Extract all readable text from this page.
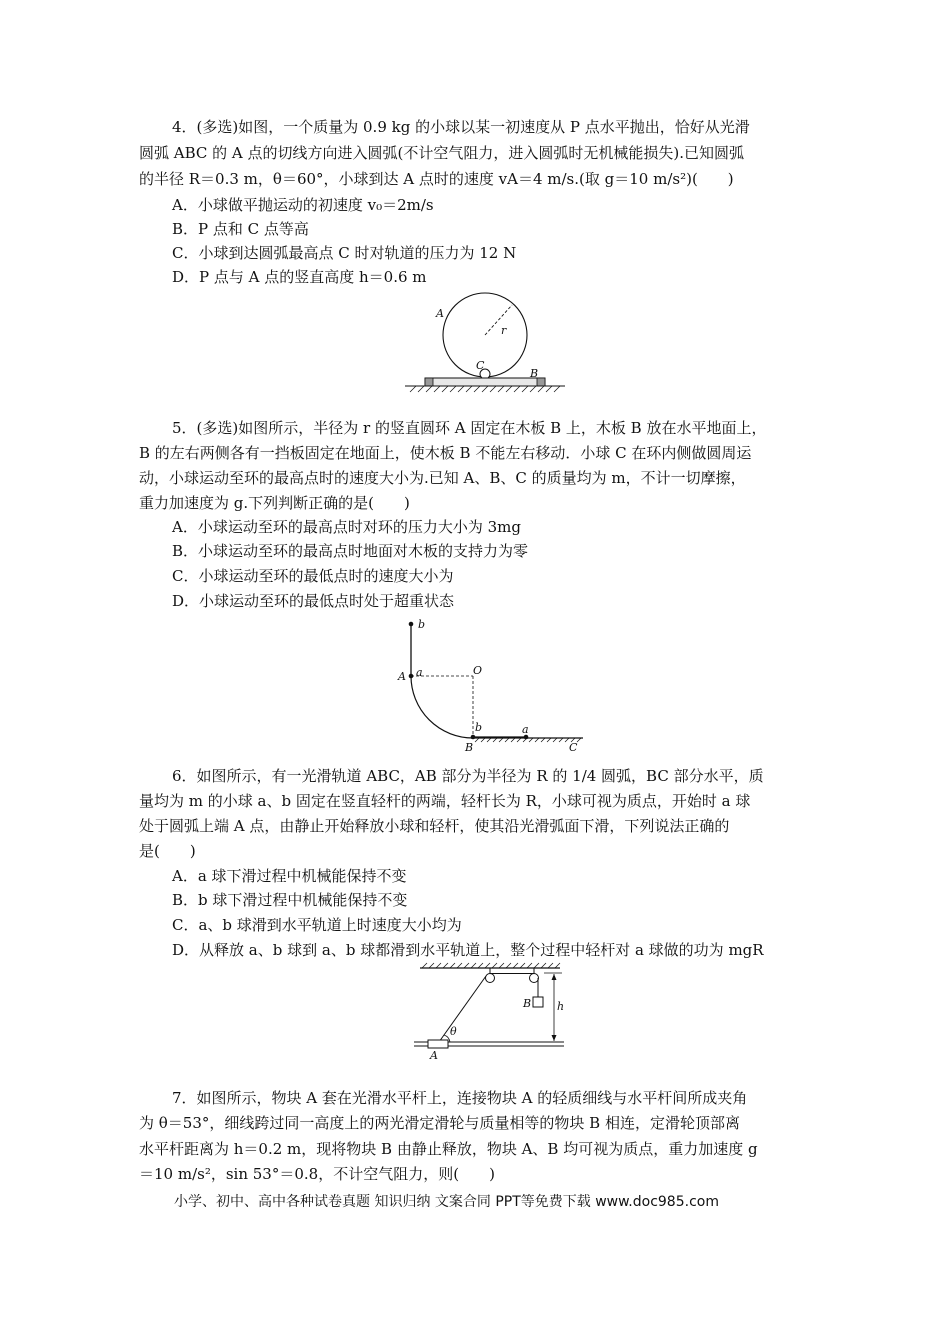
4．(多选)如图，一个质量为 0.9 kg 的小球以某一初速度从 P 点水平抛出，恰好从光滑
圆弧 ABC 的 A 点的切线方向进入圆弧(不计空气阻力，进入圆弧时无机械能损失).已知圆弧
的半径 R＝0.3 m，θ＝60°，小球到达 A 点时的速度 vA＝4 m/s.(取 g＝10 m/s²)(　　)
A．小球做平抛运动的初速度 v₀＝2m/s
B．P 点和 C 点等高
C．小球到达圆弧最高点 C 时对轨道的压力为 12 N
D．P 点与 A 点的竖直高度 h＝0.6 m
A
r
C
B
5．(多选)如图所示，半径为 r 的竖直圆环 A 固定在木板 B 上，木板 B 放在水平地面上，
B 的左右两侧各有一挡板固定在地面上，使木板 B 不能左右移动．小球 C 在环内侧做圆周运
动，小球运动至环的最高点时的速度大小为.已知 A、B、C 的质量均为 m，不计一切摩擦，
重力加速度为 g.下列判断正确的是(　　)
A．小球运动至环的最高点时对环的压力大小为 3mg
B．小球运动至环的最高点时地面对木板的支持力为零
C．小球运动至环的最低点时的速度大小为
D．小球运动至环的最低点时处于超重状态
b
A a	O
b	a
B	C
6．如图所示，有一光滑轨道 ABC，AB 部分为半径为 R 的 1/4 圆弧，BC 部分水平，质
量均为 m 的小球 a、b 固定在竖直轻杆的两端，轻杆长为 R，小球可视为质点，开始时 a 球
处于圆弧上端 A 点，由静止开始释放小球和轻杆，使其沿光滑弧面下滑，下列说法正确的
是(　　)
A．a 球下滑过程中机械能保持不变
B．b 球下滑过程中机械能保持不变
C．a、b 球滑到水平轨道上时速度大小均为
D．从释放 a、b 球到 a、b 球都滑到水平轨道上，整个过程中轻杆对 a 球做的功为 mgR
B h
θ
A
7．如图所示，物块 A 套在光滑水平杆上，连接物块 A 的轻质细线与水平杆间所成夹角
为 θ＝53°，细线跨过同一高度上的两光滑定滑轮与质量相等的物块 B 相连，定滑轮顶部离
水平杆距离为 h＝0.2 m，现将物块 B 由静止释放，物块 A、B 均可视为质点，重力加速度 g
＝10 m/s²，sin 53°＝0.8，不计空气阻力，则(　　)
小学、初中、高中各种试卷真题 知识归纳 文案合同 PPT等免费下载 www.doc985.com
